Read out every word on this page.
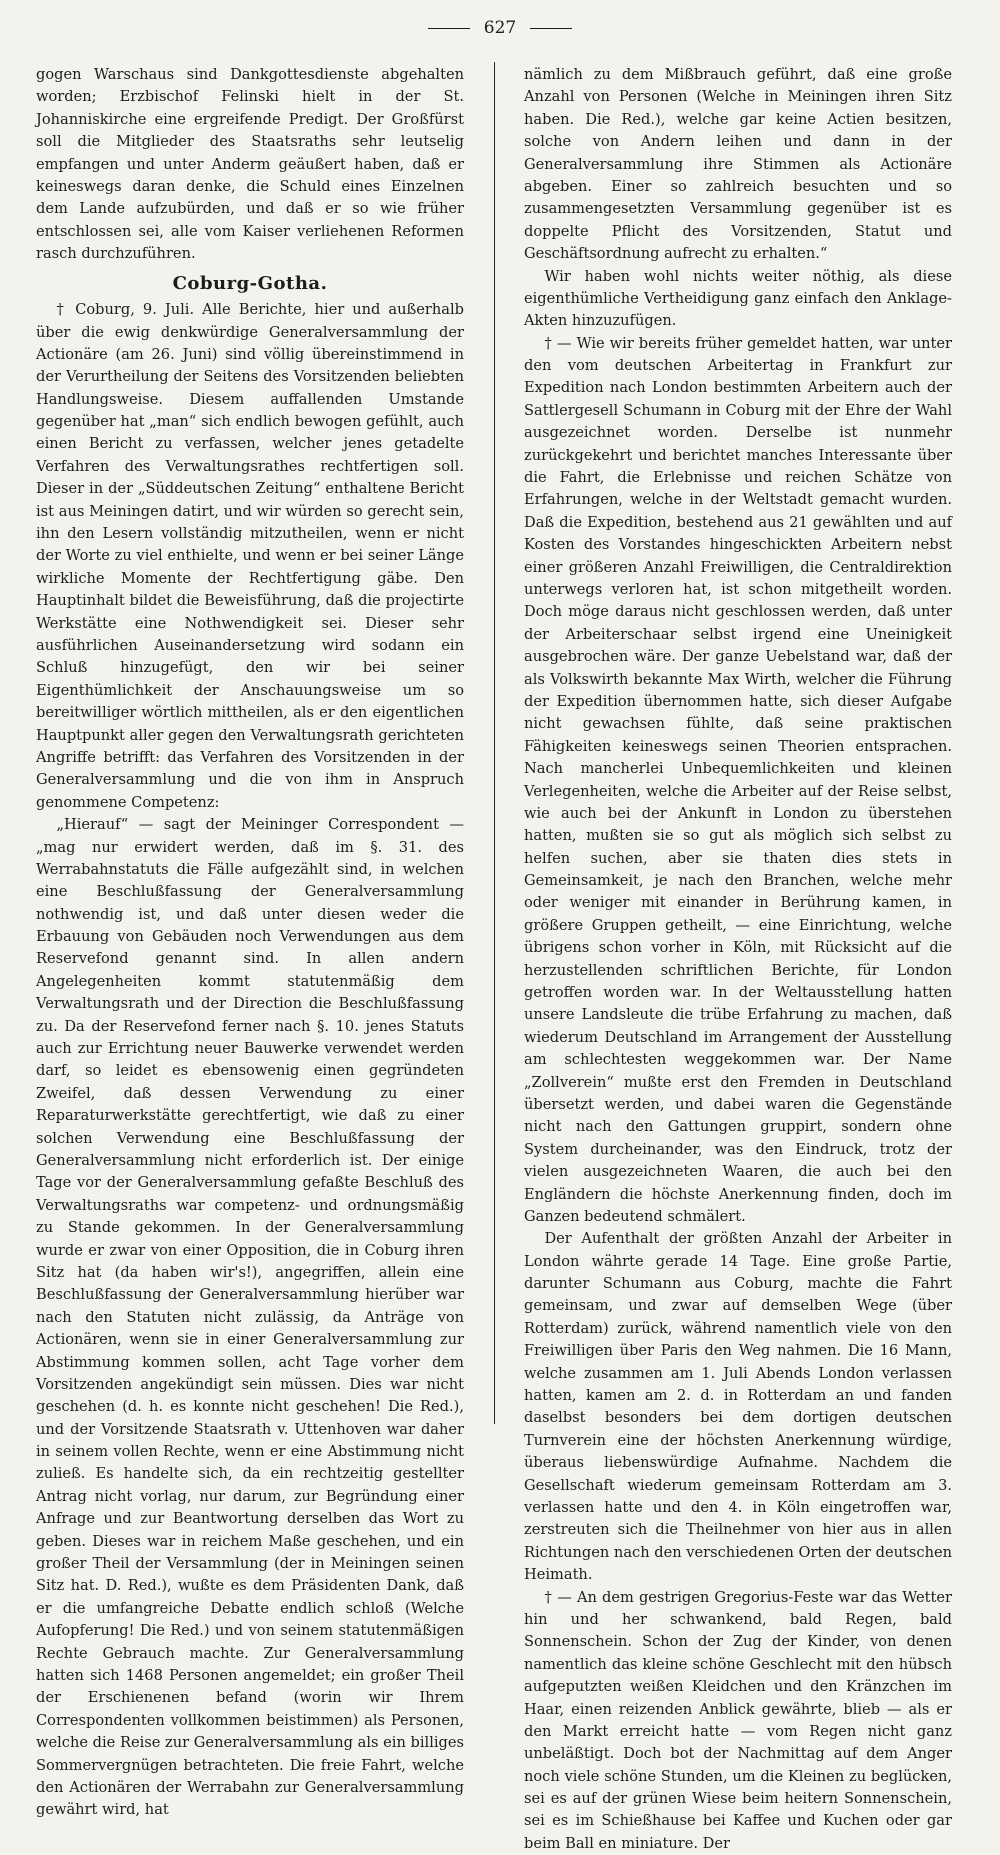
627

gogen Warschaus sind Dankgottesdienste abgehalten worden; Erzbischof Felinski hielt in der St. Johanniskirche eine ergreifende Predigt. Der Großfürst soll die Mitglieder des Staatsraths sehr leutselig empfangen und unter Anderm geäußert haben, daß er keineswegs daran denke, die Schuld eines Einzelnen dem Lande aufzubürden, und daß er so wie früher entschlossen sei, alle vom Kaiser verliehenen Reformen rasch durchzuführen.

Coburg-Gotha.

† Coburg, 9. Juli. Alle Berichte, hier und außerhalb über die ewig denkwürdige Generalversammlung der Actionäre (am 26. Juni) sind völlig übereinstimmend in der Verurtheilung der Seitens des Vorsitzenden beliebten Handlungsweise. Diesem auffallenden Umstande gegenüber hat „man“ sich endlich bewogen gefühlt, auch einen Bericht zu verfassen, welcher jenes getadelte Verfahren des Verwaltungsrathes rechtfertigen soll. Dieser in der „Süddeutschen Zeitung“ enthaltene Bericht ist aus Meiningen datirt, und wir würden so gerecht sein, ihn den Lesern vollständig mitzutheilen, wenn er nicht der Worte zu viel enthielte, und wenn er bei seiner Länge wirkliche Momente der Rechtfertigung gäbe. Den Hauptinhalt bildet die Beweisführung, daß die projectirte Werkstätte eine Nothwendigkeit sei. Dieser sehr ausführlichen Auseinandersetzung wird sodann ein Schluß hinzugefügt, den wir bei seiner Eigenthümlichkeit der Anschauungsweise um so bereitwilliger wörtlich mittheilen, als er den eigentlichen Hauptpunkt aller gegen den Verwaltungsrath gerichteten Angriffe betrifft: das Verfahren des Vorsitzenden in der Generalversammlung und die von ihm in Anspruch genommene Competenz:

„Hierauf“ — sagt der Meininger Correspondent — „mag nur erwidert werden, daß im §. 31. des Werrabahnstatuts die Fälle aufgezählt sind, in welchen eine Beschlußfassung der Generalversammlung nothwendig ist, und daß unter diesen weder die Erbauung von Gebäuden noch Verwendungen aus dem Reservefond genannt sind. In allen andern Angelegenheiten kommt statutenmäßig dem Verwaltungsrath und der Direction die Beschlußfassung zu. Da der Reservefond ferner nach §. 10. jenes Statuts auch zur Errichtung neuer Bauwerke verwendet werden darf, so leidet es ebensowenig einen gegründeten Zweifel, daß dessen Verwendung zu einer Reparaturwerkstätte gerechtfertigt, wie daß zu einer solchen Verwendung eine Beschlußfassung der Generalversammlung nicht erforderlich ist. Der einige Tage vor der Generalversammlung gefaßte Beschluß des Verwaltungsraths war competenz- und ordnungsmäßig zu Stande gekommen. In der Generalversammlung wurde er zwar von einer Opposition, die in Coburg ihren Sitz hat (da haben wir's!), angegriffen, allein eine Beschlußfassung der Generalversammlung hierüber war nach den Statuten nicht zulässig, da Anträge von Actionären, wenn sie in einer Generalversammlung zur Abstimmung kommen sollen, acht Tage vorher dem Vorsitzenden angekündigt sein müssen. Dies war nicht geschehen (d. h. es konnte nicht geschehen! Die Red.), und der Vorsitzende Staatsrath v. Uttenhoven war daher in seinem vollen Rechte, wenn er eine Abstimmung nicht zuließ. Es handelte sich, da ein rechtzeitig gestellter Antrag nicht vorlag, nur darum, zur Begründung einer Anfrage und zur Beantwortung derselben das Wort zu geben. Dieses war in reichem Maße geschehen, und ein großer Theil der Versammlung (der in Meiningen seinen Sitz hat. D. Red.), wußte es dem Präsidenten Dank, daß er die umfangreiche Debatte endlich schloß (Welche Aufopferung! Die Red.) und von seinem statutenmäßigen Rechte Gebrauch machte. Zur Generalversammlung hatten sich 1468 Personen angemeldet; ein großer Theil der Erschienenen befand (worin wir Ihrem Correspondenten vollkommen beistimmen) als Personen, welche die Reise zur Generalversammlung als ein billiges Sommervergnügen betrachteten. Die freie Fahrt, welche den Actionären der Werrabahn zur Generalversammlung gewährt wird, hat

nämlich zu dem Mißbrauch geführt, daß eine große Anzahl von Personen (Welche in Meiningen ihren Sitz haben. Die Red.), welche gar keine Actien besitzen, solche von Andern leihen und dann in der Generalversammlung ihre Stimmen als Actionäre abgeben. Einer so zahlreich besuchten und so zusammengesetzten Versammlung gegenüber ist es doppelte Pflicht des Vorsitzenden, Statut und Geschäftsordnung aufrecht zu erhalten.“

Wir haben wohl nichts weiter nöthig, als diese eigenthümliche Vertheidigung ganz einfach den Anklage-Akten hinzuzufügen.

† — Wie wir bereits früher gemeldet hatten, war unter den vom deutschen Arbeitertag in Frankfurt zur Expedition nach London bestimmten Arbeitern auch der Sattlergesell Schumann in Coburg mit der Ehre der Wahl ausgezeichnet worden. Derselbe ist nunmehr zurückgekehrt und berichtet manches Interessante über die Fahrt, die Erlebnisse und reichen Schätze von Erfahrungen, welche in der Weltstadt gemacht wurden. Daß die Expedition, bestehend aus 21 gewählten und auf Kosten des Vorstandes hingeschickten Arbeitern nebst einer größeren Anzahl Freiwilligen, die Centraldirektion unterwegs verloren hat, ist schon mitgetheilt worden. Doch möge daraus nicht geschlossen werden, daß unter der Arbeiterschaar selbst irgend eine Uneinigkeit ausgebrochen wäre. Der ganze Uebelstand war, daß der als Volkswirth bekannte Max Wirth, welcher die Führung der Expedition übernommen hatte, sich dieser Aufgabe nicht gewachsen fühlte, daß seine praktischen Fähigkeiten keineswegs seinen Theorien entsprachen. Nach mancherlei Unbequemlichkeiten und kleinen Verlegenheiten, welche die Arbeiter auf der Reise selbst, wie auch bei der Ankunft in London zu überstehen hatten, mußten sie so gut als möglich sich selbst zu helfen suchen, aber sie thaten dies stets in Gemeinsamkeit, je nach den Branchen, welche mehr oder weniger mit einander in Berührung kamen, in größere Gruppen getheilt, — eine Einrichtung, welche übrigens schon vorher in Köln, mit Rücksicht auf die herzustellenden schriftlichen Berichte, für London getroffen worden war. In der Weltausstellung hatten unsere Landsleute die trübe Erfahrung zu machen, daß wiederum Deutschland im Arrangement der Ausstellung am schlechtesten weggekommen war. Der Name „Zollverein“ mußte erst den Fremden in Deutschland übersetzt werden, und dabei waren die Gegenstände nicht nach den Gattungen gruppirt, sondern ohne System durcheinander, was den Eindruck, trotz der vielen ausgezeichneten Waaren, die auch bei den Engländern die höchste Anerkennung finden, doch im Ganzen bedeutend schmälert.

Der Aufenthalt der größten Anzahl der Arbeiter in London währte gerade 14 Tage. Eine große Partie, darunter Schumann aus Coburg, machte die Fahrt gemeinsam, und zwar auf demselben Wege (über Rotterdam) zurück, während namentlich viele von den Freiwilligen über Paris den Weg nahmen. Die 16 Mann, welche zusammen am 1. Juli Abends London verlassen hatten, kamen am 2. d. in Rotterdam an und fanden daselbst besonders bei dem dortigen deutschen Turnverein eine der höchsten Anerkennung würdige, überaus liebenswürdige Aufnahme. Nachdem die Gesellschaft wiederum gemeinsam Rotterdam am 3. verlassen hatte und den 4. in Köln eingetroffen war, zerstreuten sich die Theilnehmer von hier aus in allen Richtungen nach den verschiedenen Orten der deutschen Heimath.

† — An dem gestrigen Gregorius-Feste war das Wetter hin und her schwankend, bald Regen, bald Sonnenschein. Schon der Zug der Kinder, von denen namentlich das kleine schöne Geschlecht mit den hübsch aufgeputzten weißen Kleidchen und den Kränzchen im Haar, einen reizenden Anblick gewährte, blieb — als er den Markt erreicht hatte — vom Regen nicht ganz unbeläßtigt. Doch bot der Nachmittag auf dem Anger noch viele schöne Stunden, um die Kleinen zu beglücken, sei es auf der grünen Wiese beim heitern Sonnenschein, sei es im Schießhause bei Kaffee und Kuchen oder gar beim Ball en miniature. Der
